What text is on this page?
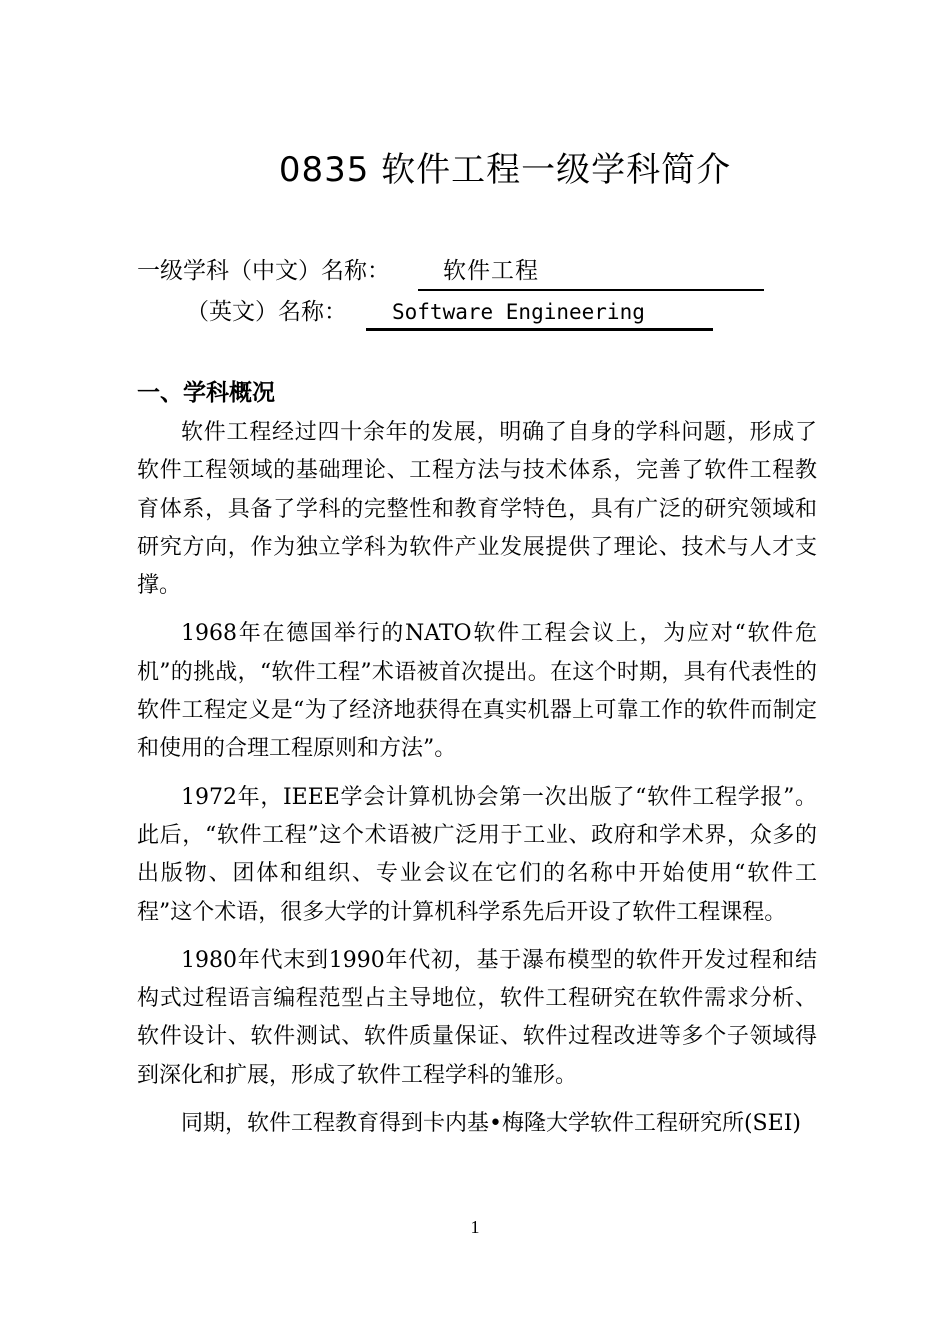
0835 软件工程一级学科简介
一级学科（中文）名称： 软件工程
（英文）名称： Software Engineering
一、学科概况

软件工程经过四十余年的发展，明确了自身的学科问题，形成了软件工程领域的基础理论、工程方法与技术体系，完善了软件工程教育体系，具备了学科的完整性和教育学特色，具有广泛的研究领域和研究方向，作为独立学科为软件产业发展提供了理论、技术与人才支撑。

1968年在德国举行的NATO软件工程会议上，为应对“软件危机”的挑战，“软件工程”术语被首次提出。在这个时期，具有代表性的软件工程定义是“为了经济地获得在真实机器上可靠工作的软件而制定和使用的合理工程原则和方法”。

1972年，IEEE学会计算机协会第一次出版了“软件工程学报”。此后，“软件工程”这个术语被广泛用于工业、政府和学术界，众多的出版物、团体和组织、专业会议在它们的名称中开始使用“软件工程”这个术语，很多大学的计算机科学系先后开设了软件工程课程。

1980年代末到1990年代初，基于瀑布模型的软件开发过程和结构式过程语言编程范型占主导地位，软件工程研究在软件需求分析、软件设计、软件测试、软件质量保证、软件过程改进等多个子领域得到深化和扩展，形成了软件工程学科的雏形。

同期，软件工程教育得到卡内基•梅隆大学软件工程研究所(SEI)

1
